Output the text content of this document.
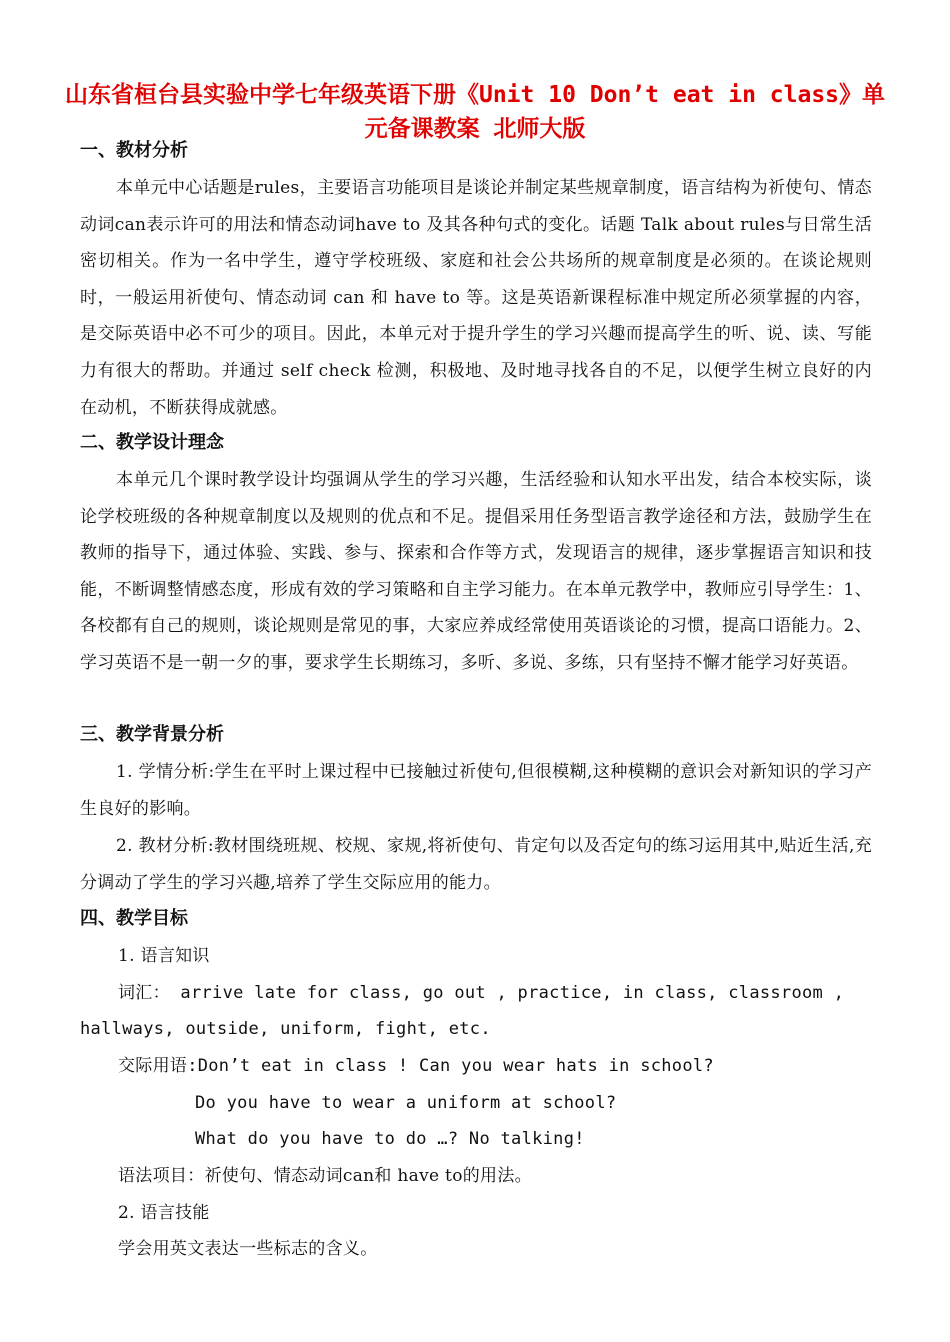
山东省桓台县实验中学七年级英语下册《Unit 10 Don’t eat in class》单元备课教案 北师大版
一、教材分析
本单元中心话题是rules，主要语言功能项目是谈论并制定某些规章制度，语言结构为祈使句、情态动词can表示许可的用法和情态动词have to 及其各种句式的变化。话题 Talk about rules与日常生活密切相关。作为一名中学生，遵守学校班级、家庭和社会公共场所的规章制度是必须的。在谈论规则时，一般运用祈使句、情态动词 can 和 have to 等。这是英语新课程标准中规定所必须掌握的内容，是交际英语中必不可少的项目。因此，本单元对于提升学生的学习兴趣而提高学生的听、说、读、写能力有很大的帮助。并通过 self check 检测，积极地、及时地寻找各自的不足，以便学生树立良好的内在动机，不断获得成就感。
二、教学设计理念
本单元几个课时教学设计均强调从学生的学习兴趣，生活经验和认知水平出发，结合本校实际，谈论学校班级的各种规章制度以及规则的优点和不足。提倡采用任务型语言教学途径和方法，鼓励学生在教师的指导下，通过体验、实践、参与、探索和合作等方式，发现语言的规律，逐步掌握语言知识和技能，不断调整情感态度，形成有效的学习策略和自主学习能力。在本单元教学中，教师应引导学生：1、各校都有自己的规则，谈论规则是常见的事，大家应养成经常使用英语谈论的习惯，提高口语能力。2、学习英语不是一朝一夕的事，要求学生长期练习，多听、多说、多练，只有坚持不懈才能学习好英语。
三、教学背景分析
1. 学情分析:学生在平时上课过程中已接触过祈使句,但很模糊,这种模糊的意识会对新知识的学习产生良好的影响。
2. 教材分析:教材围绕班规、校规、家规,将祈使句、肯定句以及否定句的练习运用其中,贴近生活,充分调动了学生的学习兴趣,培养了学生交际应用的能力。
四、教学目标
1. 语言知识
词汇： arrive late for class, go out , practice, in class, classroom ,
hallways, outside, uniform, fight, etc.
交际用语:Don’t eat in class ! Can you wear hats in school?
Do you have to wear a uniform at school?
What do you have to do …? No talking!
语法项目：祈使句、情态动词can和 have to的用法。
2. 语言技能
学会用英文表达一些标志的含义。
